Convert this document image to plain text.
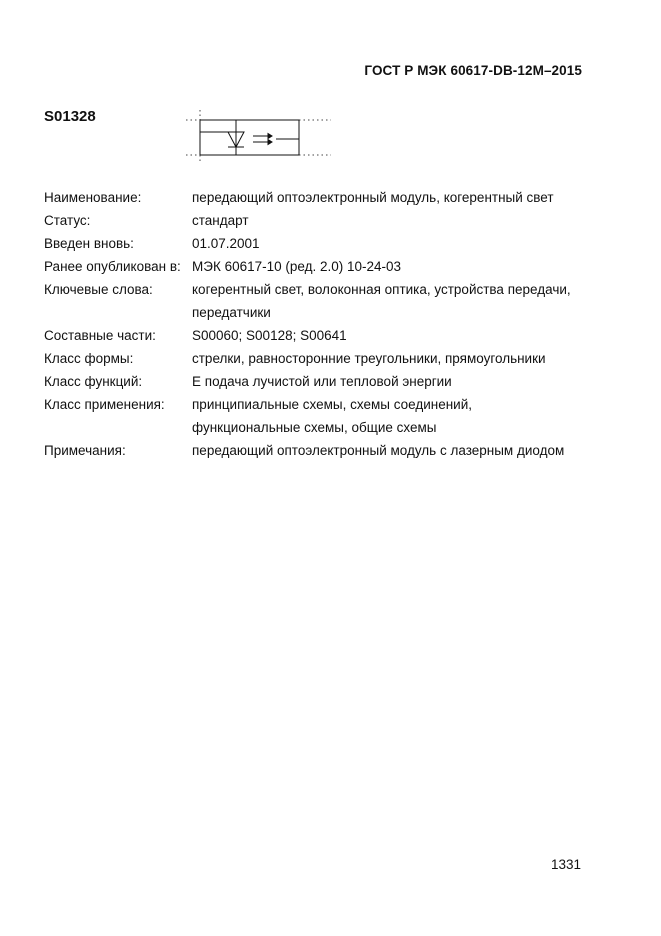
ГОСТ Р МЭК 60617-DB-12M–2015
S01328
Наименование:	передающий оптоэлектронный модуль, когерентный свет
Статус:	стандарт
Введен вновь:	01.07.2001
Ранее опубликован в: МЭК 60617-10 (ред. 2.0) 10-24-03
Ключевые слова:	когерентный свет, волоконная оптика, устройства передачи,
передатчики
Составные части:	S00060; S00128; S00641
Класс формы:	стрелки, равносторонние треугольники, прямоугольники
Класс функций:	E подача лучистой или тепловой энергии
Класс применения:	принципиальные схемы, схемы соединений,
функциональные схемы, общие схемы
Примечания:	передающий оптоэлектронный модуль с лазерным диодом
1331
